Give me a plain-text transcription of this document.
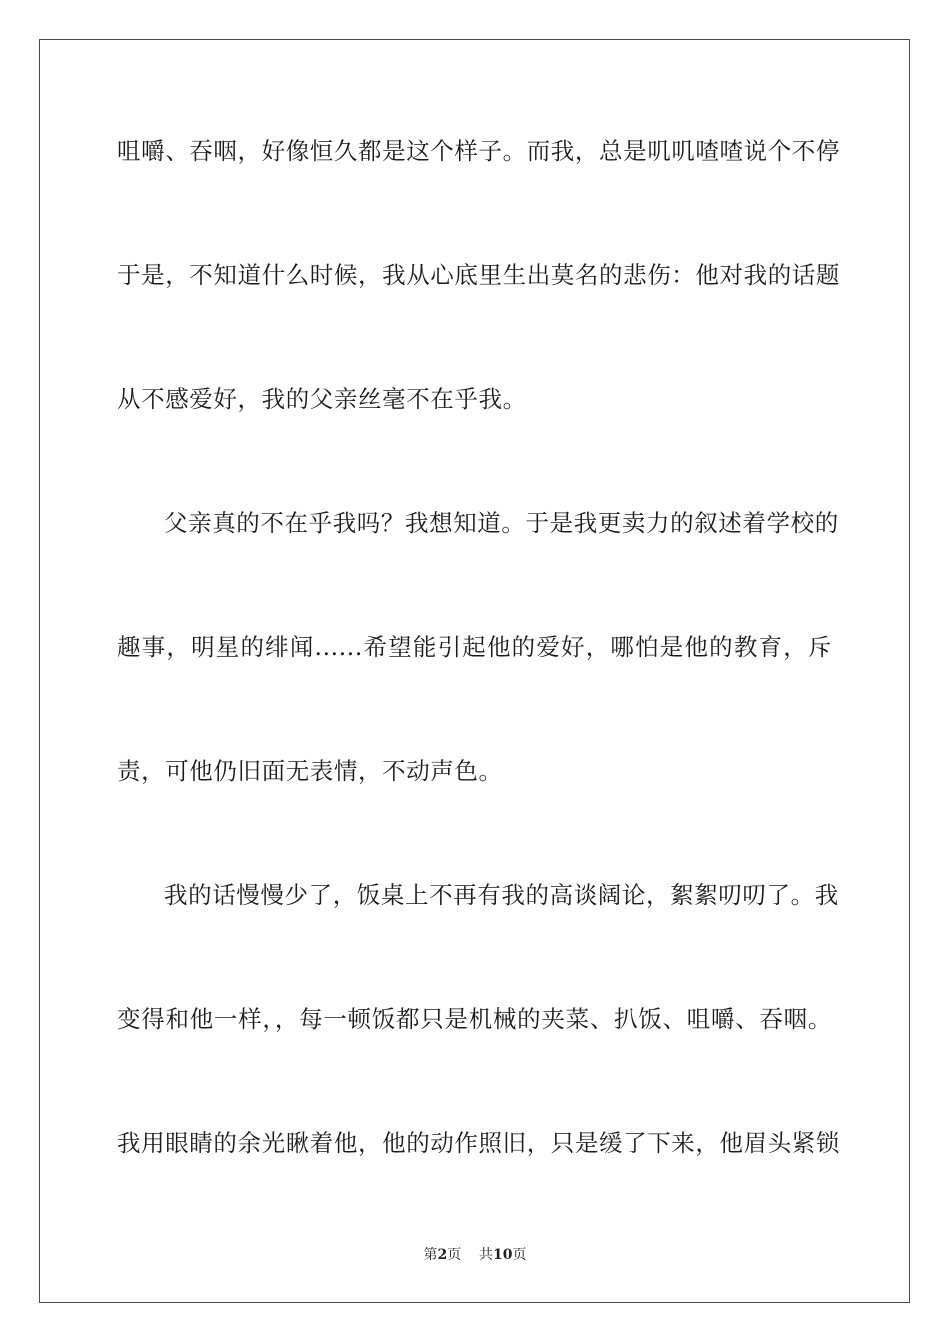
咀嚼、吞咽，好像恒久都是这个样子。而我，总是叽叽喳喳说个不停
于是，不知道什么时候，我从心底里生出莫名的悲伤：他对我的话题
从不感爱好，我的父亲丝毫不在乎我。
父亲真的不在乎我吗？我想知道。于是我更卖力的叙述着学校的
趣事，明星的绯闻......希望能引起他的爱好，哪怕是他的教育，斥
责，可他仍旧面无表情，不动声色。
我的话慢慢少了，饭桌上不再有我的高谈阔论，絮絮叨叨了。我
变得和他一样，，每一顿饭都只是机械的夹菜、扒饭、咀嚼、吞咽。
我用眼睛的余光瞅着他，他的动作照旧，只是缓了下来，他眉头紧锁
第2页 共10页
